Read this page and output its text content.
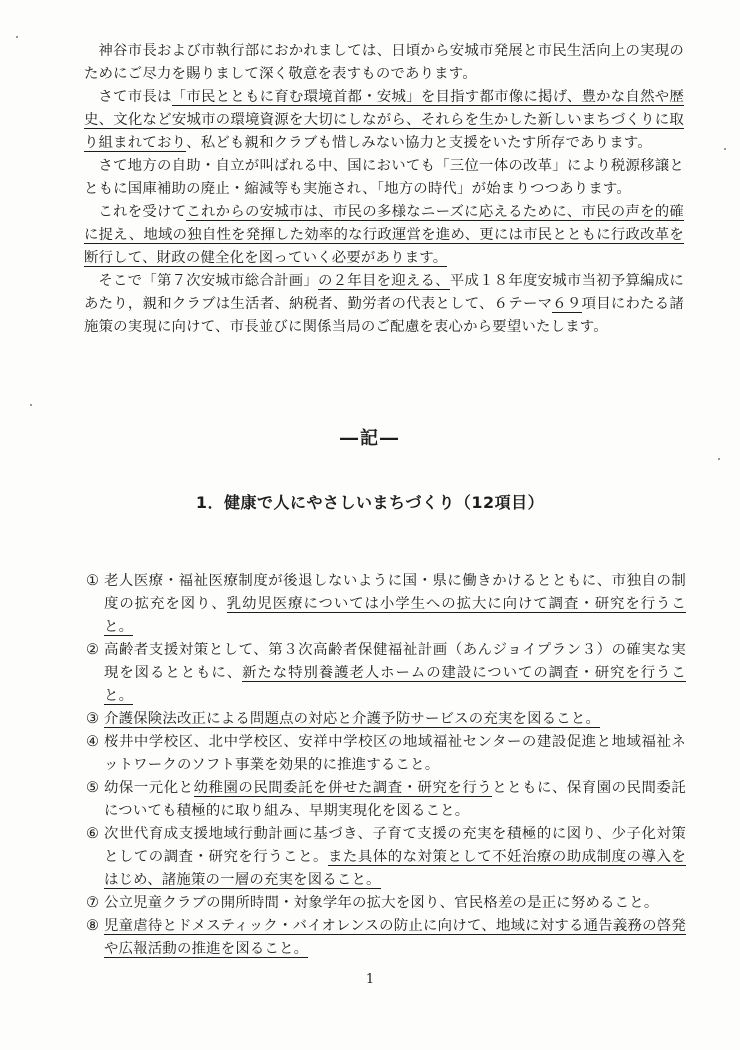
神谷市長および市執行部におかれましては、日頃から安城市発展と市民生活向上の実現のためにご尽力を賜りまして深く敬意を表すものであります。

さて市長は「市民とともに育む環境首都・安城」を目指す都市像に掲げ、豊かな自然や歴史、文化など安城市の環境資源を大切にしながら、それらを生かした新しいまちづくりに取り組まれており、私ども親和クラブも惜しみない協力と支援をいたす所存であります。

さて地方の自助・自立が叫ばれる中、国においても「三位一体の改革」により税源移譲とともに国庫補助の廃止・縮減等も実施され、「地方の時代」が始まりつつあります。

これを受けてこれからの安城市は、市民の多様なニーズに応えるために、市民の声を的確に捉え、地域の独自性を発揮した効率的な行政運営を進め、更には市民とともに行政改革を断行して、財政の健全化を図っていく必要があります。

そこで「第７次安城市総合計画」の２年目を迎える、平成１８年度安城市当初予算編成にあたり，親和クラブは生活者、納税者、勤労者の代表として、６テーマ６９項目にわたる諸施策の実現に向けて、市長並びに関係当局のご配慮を衷心から要望いたします。

―記―
1．健康で人にやさしいまちづくり（12項目）
① 老人医療・福祉医療制度が後退しないように国・県に働きかけるとともに、市独自の制度の拡充を図り、乳幼児医療については小学生への拡大に向けて調査・研究を行うこと。
② 高齢者支援対策として、第３次高齢者保健福祉計画（あんジョイプラン３）の確実な実現を図るとともに、新たな特別養護老人ホームの建設についての調査・研究を行うこと。
③ 介護保険法改正による問題点の対応と介護予防サービスの充実を図ること。
④ 桜井中学校区、北中学校区、安祥中学校区の地域福祉センターの建設促進と地域福祉ネットワークのソフト事業を効果的に推進すること。
⑤ 幼保一元化と幼稚園の民間委託を併せた調査・研究を行うとともに、保育園の民間委託についても積極的に取り組み、早期実現化を図ること。
⑥ 次世代育成支援地域行動計画に基づき、子育て支援の充実を積極的に図り、少子化対策としての調査・研究を行うこと。また具体的な対策として不妊治療の助成制度の導入をはじめ、諸施策の一層の充実を図ること。
⑦ 公立児童クラブの開所時間・対象学年の拡大を図り、官民格差の是正に努めること。
⑧ 児童虐待とドメスティック・バイオレンスの防止に向けて、地域に対する通告義務の啓発や広報活動の推進を図ること。
1
